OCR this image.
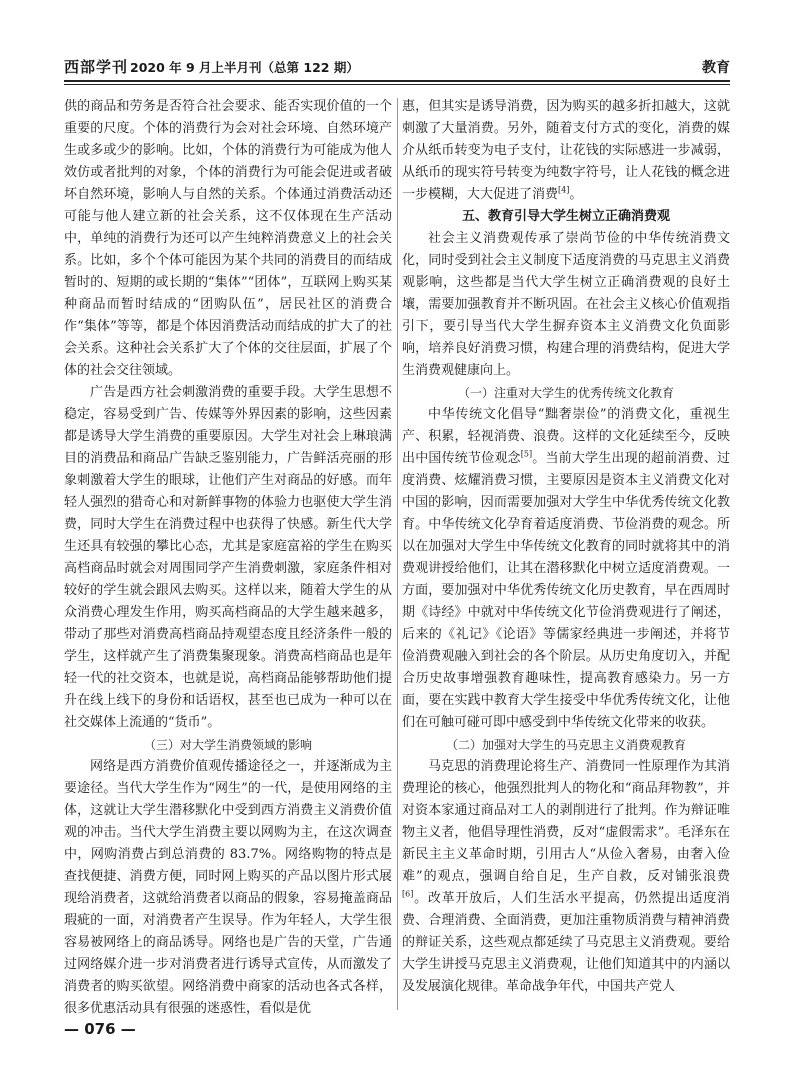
西部学刊 2020 年 9 月上半月刊（总第 122 期）	教育

供的商品和劳务是否符合社会要求、能否实现价值的一个重要的尺度。个体的消费行为会对社会环境、自然环境产生或多或少的影响。比如，个体的消费行为可能成为他人效仿或者批判的对象，个体的消费行为可能会促进或者破坏自然环境，影响人与自然的关系。个体通过消费活动还可能与他人建立新的社会关系，这不仅体现在生产活动中，单纯的消费行为还可以产生纯粹消费意义上的社会关系。比如，多个个体可能因为某个共同的消费目的而结成暂时的、短期的或长期的“集体”“团体”，互联网上购买某种商品而暂时结成的“团购队伍”，居民社区的消费合作“集体”等等，都是个体因消费活动而结成的扩大了的社会关系。这种社会关系扩大了个体的交往层面，扩展了个体的社会交往领域。

广告是西方社会刺激消费的重要手段。大学生思想不稳定，容易受到广告、传媒等外界因素的影响，这些因素都是诱导大学生消费的重要原因。大学生对社会上琳琅满目的消费品和商品广告缺乏鉴别能力，广告鲜活亮丽的形象刺激着大学生的眼球，让他们产生对商品的好感。而年轻人强烈的猎奇心和对新鲜事物的体验力也驱使大学生消费，同时大学生在消费过程中也获得了快感。新生代大学生还具有较强的攀比心态，尤其是家庭富裕的学生在购买高档商品时就会对周围同学产生消费刺激，家庭条件相对较好的学生就会跟风去购买。这样以来，随着大学生的从众消费心理发生作用，购买高档商品的大学生越来越多，带动了那些对消费高档商品持观望态度且经济条件一般的学生，这样就产生了消费集聚现象。消费高档商品也是年轻一代的社交资本，也就是说，高档商品能够帮助他们提升在线上线下的身份和话语权，甚至也已成为一种可以在社交媒体上流通的“货币”。

（三）对大学生消费领域的影响

网络是西方消费价值观传播途径之一，并逐渐成为主要途径。当代大学生作为“网生”的一代，是使用网络的主体，这就让大学生潜移默化中受到西方消费主义消费价值观的冲击。当代大学生消费主要以网购为主，在这次调查中，网购消费占到总消费的 83.7%。网络购物的特点是查找便捷、消费方便，同时网上购买的产品以图片形式展现给消费者，这就给消费者以商品的假象，容易掩盖商品瑕疵的一面，对消费者产生误导。作为年轻人，大学生很容易被网络上的商品诱导。网络也是广告的天堂，广告通过网络媒介进一步对消费者进行诱导式宣传，从而激发了消费者的购买欲望。网络消费中商家的活动也各式各样，很多优惠活动具有很强的迷惑性，看似是优

惠，但其实是诱导消费，因为购买的越多折扣越大，这就刺激了大量消费。另外，随着支付方式的变化，消费的媒介从纸币转变为电子支付，让花钱的实际感进一步减弱，从纸币的现实符号转变为纯数字符号，让人花钱的概念进一步模糊，大大促进了消费[4]。

五、教育引导大学生树立正确消费观

社会主义消费观传承了崇尚节俭的中华传统消费文化，同时受到社会主义制度下适度消费的马克思主义消费观影响，这些都是当代大学生树立正确消费观的良好土壤，需要加强教育并不断巩固。在社会主义核心价值观指引下，要引导当代大学生摒弃资本主义消费文化负面影响，培养良好消费习惯，构建合理的消费结构，促进大学生消费观健康向上。

（一）注重对大学生的优秀传统文化教育

中华传统文化倡导“黜奢崇俭”的消费文化，重视生产、积累，轻视消费、浪费。这样的文化延续至今，反映出中国传统节俭观念[5]。当前大学生出现的超前消费、过度消费、炫耀消费习惯，主要原因是资本主义消费文化对中国的影响，因而需要加强对大学生中华优秀传统文化教育。中华传统文化孕育着适度消费、节俭消费的观念。所以在加强对大学生中华传统文化教育的同时就将其中的消费观讲授给他们，让其在潜移默化中树立适度消费观。一方面，要加强对中华优秀传统文化历史教育，早在西周时期《诗经》中就对中华传统文化节俭消费观进行了阐述，后来的《礼记》《论语》等儒家经典进一步阐述，并将节俭消费观融入到社会的各个阶层。从历史角度切入，并配合历史故事增强教育趣味性，提高教育感染力。另一方面，要在实践中教育大学生接受中华优秀传统文化，让他们在可触可碰可即中感受到中华传统文化带来的收获。

（二）加强对大学生的马克思主义消费观教育

马克思的消费理论将生产、消费同一性原理作为其消费理论的核心，他强烈批判人的物化和“商品拜物教”，并对资本家通过商品对工人的剥削进行了批判。作为辩证唯物主义者，他倡导理性消费，反对“虚假需求”。毛泽东在新民主主义革命时期，引用古人“从俭入奢易，由奢入俭难”的观点，强调自给自足，生产自救，反对铺张浪费[6]。改革开放后，人们生活水平提高，仍然提出适度消费、合理消费、全面消费，更加注重物质消费与精神消费的辩证关系，这些观点都延续了马克思主义消费观。要给大学生讲授马克思主义消费观，让他们知道其中的内涵以及发展演化规律。革命战争年代，中国共产党人

— 076 —
